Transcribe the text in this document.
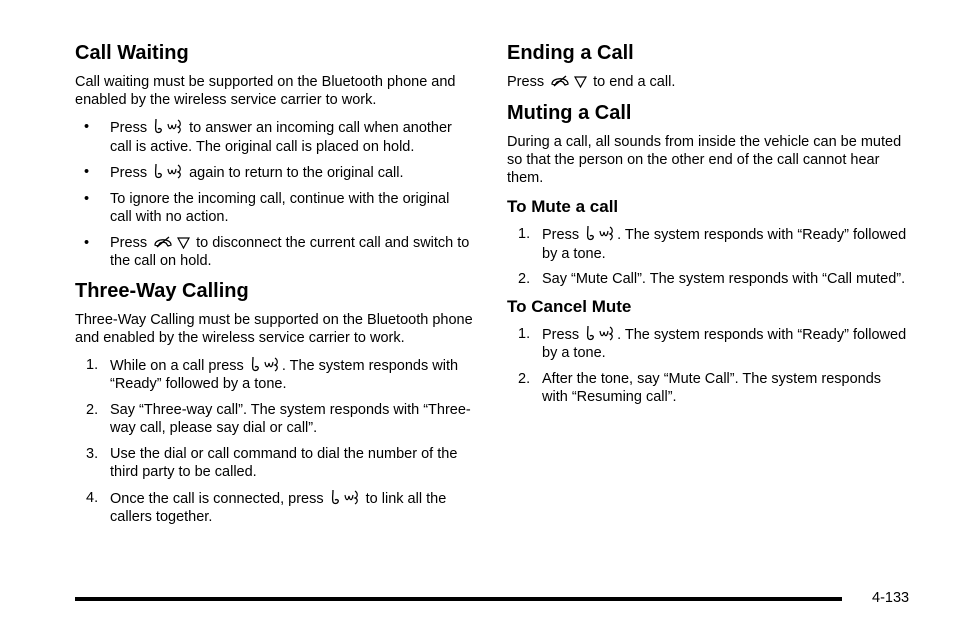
Call Waiting

Call waiting must be supported on the Bluetooth phone and enabled by the wireless service carrier to work.

• Press
to answer an incoming call when another call is active. The original call is placed on hold.
• Press
again to return to the original call.
• To ignore the incoming call, continue with the original call with no action.
• Press	to disconnect the current call and switch to the call on hold.
Three-Way Calling

Three-Way Calling must be supported on the Bluetooth phone and enabled by the wireless service carrier to work.

1. While on a call press
. The system responds with “Ready” followed by a tone.
2. Say “Three-way call”. The system responds with “Three-way call, please say dial or call”.
3. Use the dial or call command to dial the number of the third party to be called.
4. Once the call is connected, press
to link all the callers together.
Ending a Call

Press	to end a call.

Muting a Call

During a call, all sounds from inside the vehicle can be muted so that the person on the other end of the call cannot hear them.

To Mute a call
1. Press
. The system responds with “Ready” followed by a tone.
2. Say “Mute Call”. The system responds with “Call muted”.
To Cancel Mute
1. Press
. The system responds with “Ready” followed by a tone.
2. After the tone, say “Mute Call”. The system responds with “Resuming call”.
4-133
